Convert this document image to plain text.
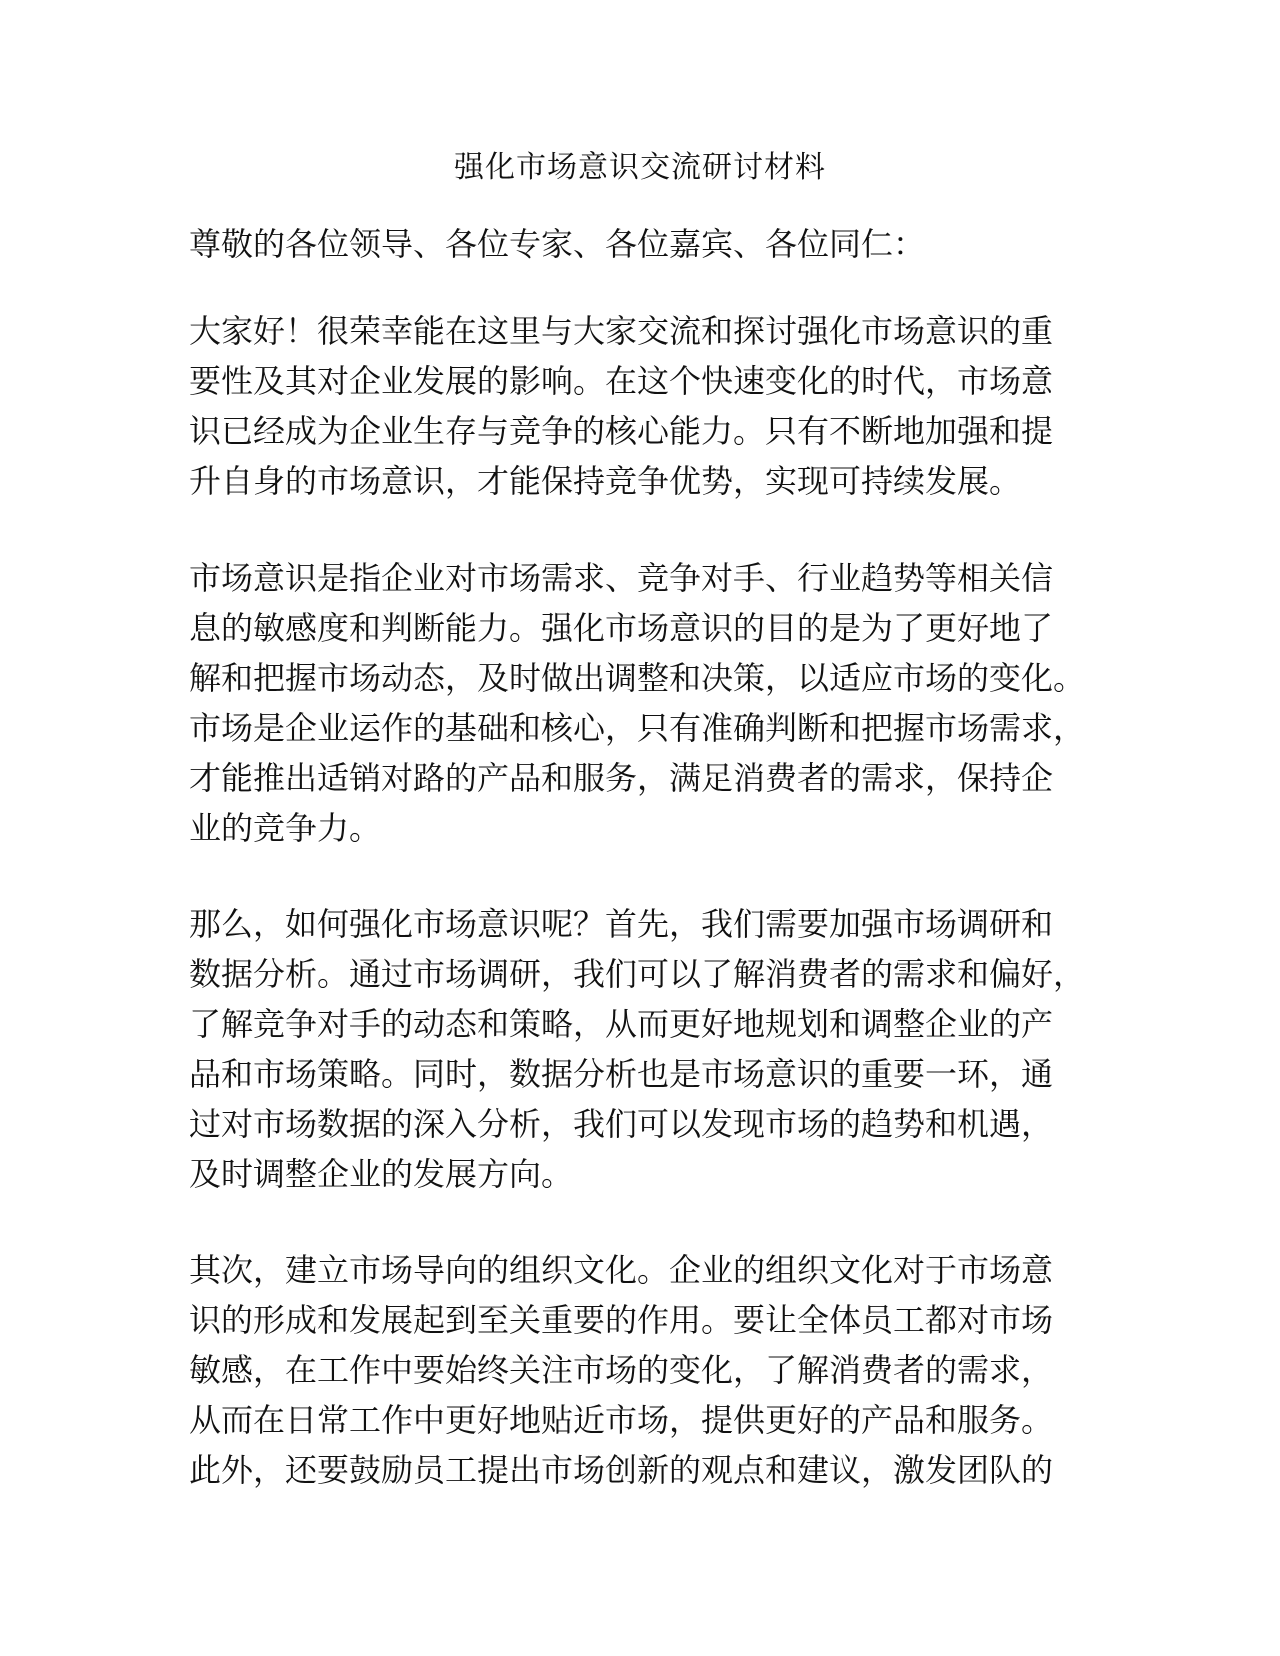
强化市场意识交流研讨材料
尊敬的各位领导、各位专家、各位嘉宾、各位同仁：
大家好！很荣幸能在这里与大家交流和探讨强化市场意识的重
要性及其对企业发展的影响。在这个快速变化的时代，市场意
识已经成为企业生存与竞争的核心能力。只有不断地加强和提
升自身的市场意识，才能保持竞争优势，实现可持续发展。
市场意识是指企业对市场需求、竞争对手、行业趋势等相关信
息的敏感度和判断能力。强化市场意识的目的是为了更好地了
解和把握市场动态，及时做出调整和决策，以适应市场的变化。
市场是企业运作的基础和核心，只有准确判断和把握市场需求，
才能推出适销对路的产品和服务，满足消费者的需求，保持企
业的竞争力。
那么，如何强化市场意识呢？首先，我们需要加强市场调研和
数据分析。通过市场调研，我们可以了解消费者的需求和偏好，
了解竞争对手的动态和策略，从而更好地规划和调整企业的产
品和市场策略。同时，数据分析也是市场意识的重要一环，通
过对市场数据的深入分析，我们可以发现市场的趋势和机遇，
及时调整企业的发展方向。
其次，建立市场导向的组织文化。企业的组织文化对于市场意
识的形成和发展起到至关重要的作用。要让全体员工都对市场
敏感，在工作中要始终关注市场的变化，了解消费者的需求，
从而在日常工作中更好地贴近市场，提供更好的产品和服务。
此外，还要鼓励员工提出市场创新的观点和建议，激发团队的
